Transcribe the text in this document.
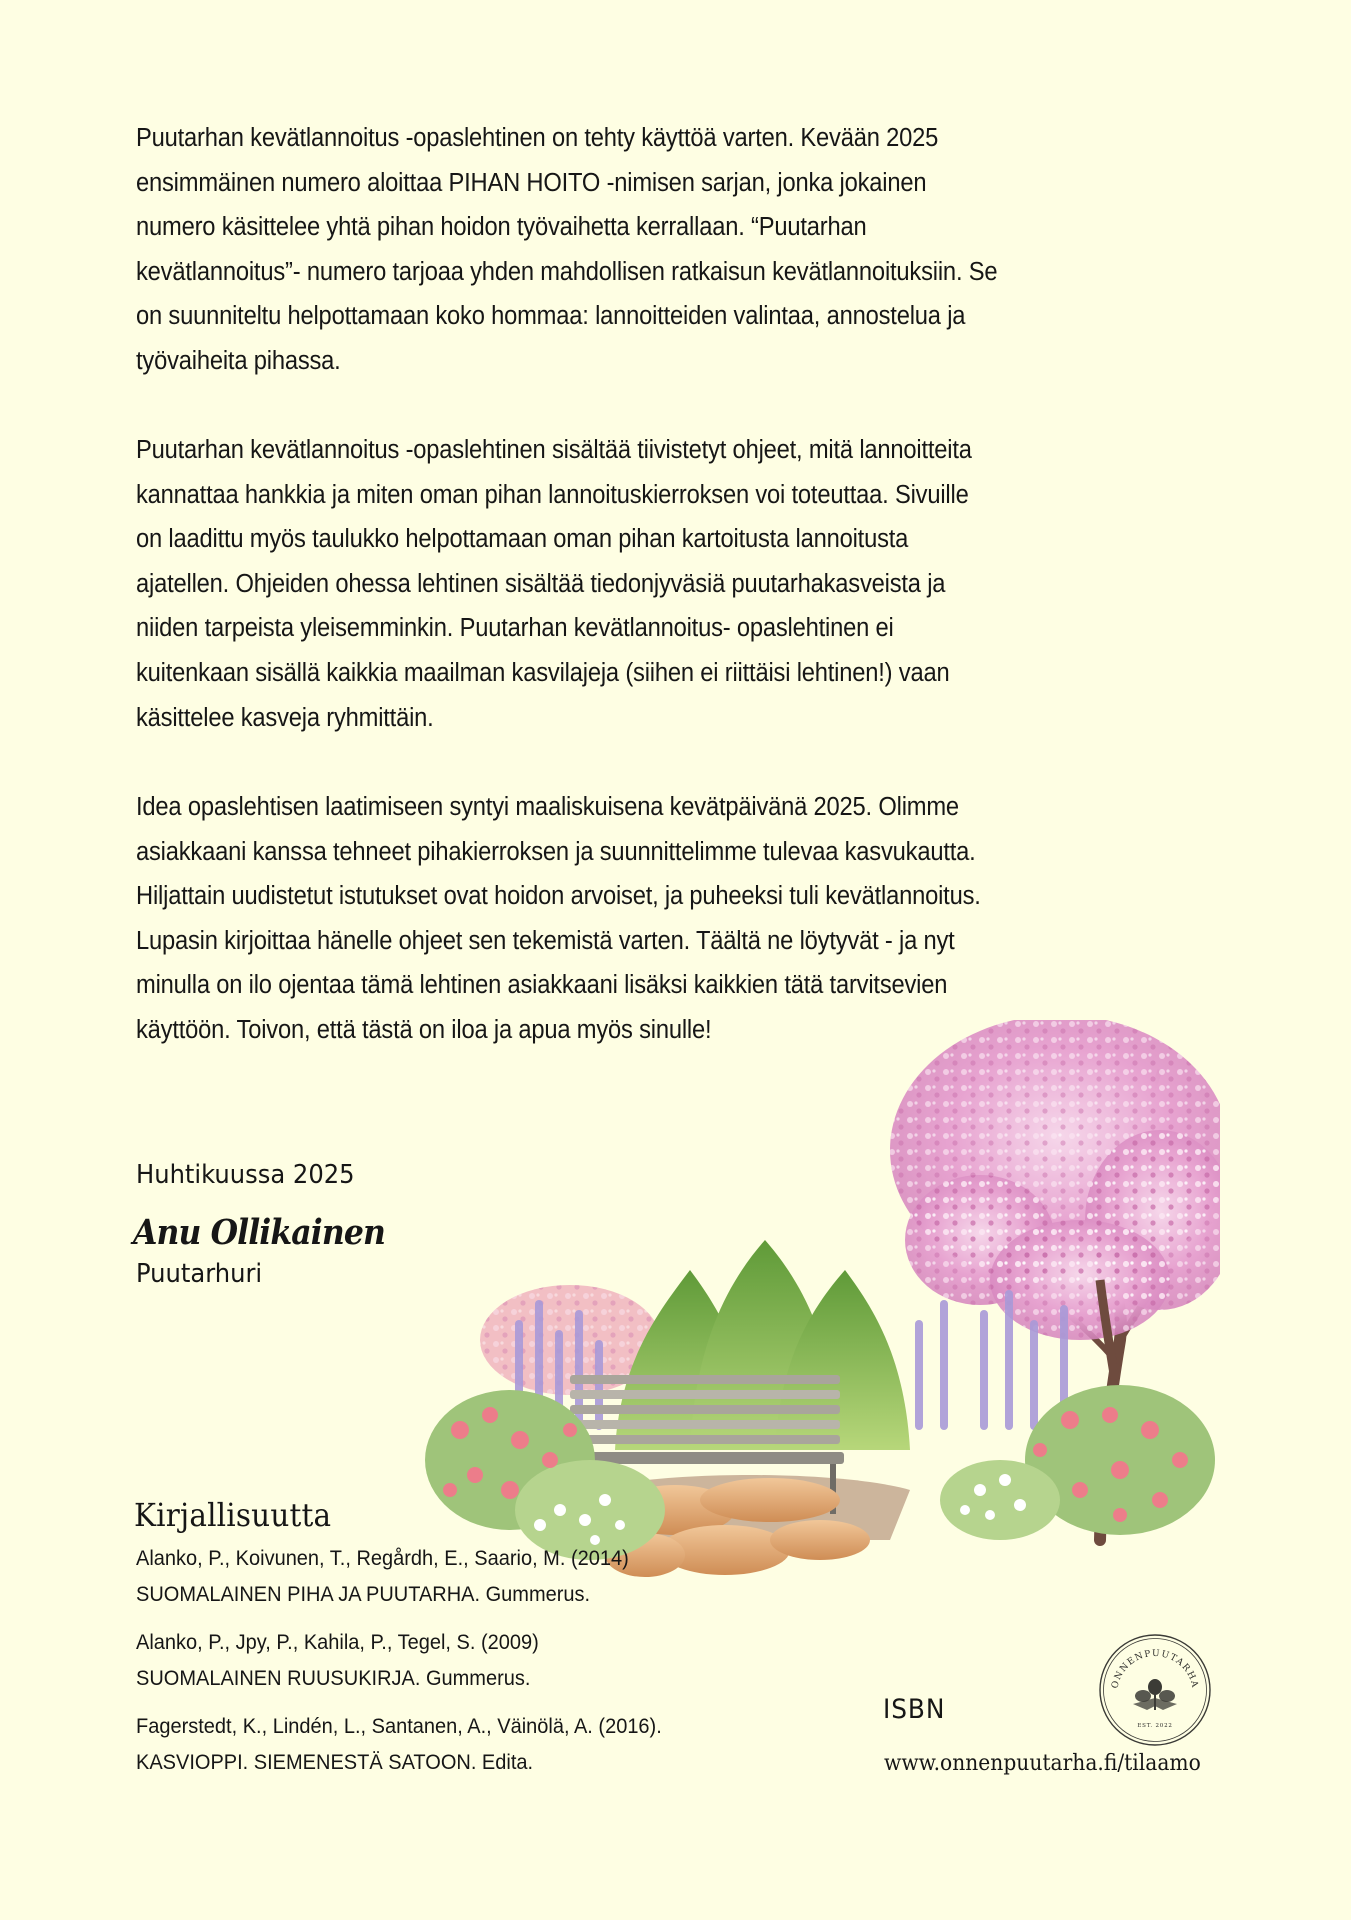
Puutarhan kevätlannoitus -opaslehtinen on tehty käyttöä varten. Kevään 2025
ensimmäinen numero aloittaa PIHAN HOITO -nimisen sarjan, jonka jokainen
numero käsittelee yhtä pihan hoidon työvaihetta kerrallaan. “Puutarhan
kevätlannoitus”- numero tarjoaa yhden mahdollisen ratkaisun kevätlannoituksiin. Se
on suunniteltu helpottamaan koko hommaa: lannoitteiden valintaa, annostelua ja
työvaiheita pihassa.
Puutarhan kevätlannoitus -opaslehtinen sisältää tiivistetyt ohjeet, mitä lannoitteita
kannattaa hankkia ja miten oman pihan lannoituskierroksen voi toteuttaa. Sivuille
on laadittu myös taulukko helpottamaan oman pihan kartoitusta lannoitusta
ajatellen. Ohjeiden ohessa lehtinen sisältää tiedonjyväsiä puutarhakasveista ja
niiden tarpeista yleisemminkin. Puutarhan kevätlannoitus- opaslehtinen ei
kuitenkaan sisällä kaikkia maailman kasvilajeja (siihen ei riittäisi lehtinen!) vaan
käsittelee kasveja ryhmittäin.
Idea opaslehtisen laatimiseen syntyi maaliskuisena kevätpäivänä 2025. Olimme
asiakkaani kanssa tehneet pihakierroksen ja suunnittelimme tulevaa kasvukautta.
Hiljattain uudistetut istutukset ovat hoidon arvoiset, ja puheeksi tuli kevätlannoitus.
Lupasin kirjoittaa hänelle ohjeet sen tekemistä varten. Täältä ne löytyvät - ja nyt
minulla on ilo ojentaa tämä lehtinen asiakkaani lisäksi kaikkien tätä tarvitsevien
käyttöön. Toivon, että tästä on iloa ja apua myös sinulle!
Huhtikuussa 2025
Anu Ollikainen
Puutarhuri
Kirjallisuutta
Alanko, P., Koivunen, T., Regårdh, E., Saario, M. (2014)
SUOMALAINEN PIHA JA PUUTARHA. Gummerus.
Alanko, P., Jpy, P., Kahila, P., Tegel, S. (2009)
SUOMALAINEN RUUSUKIRJA. Gummerus.
Fagerstedt, K., Lindén, L., Santanen, A., Väinölä, A. (2016).
KASVIOPPI. SIEMENESTÄ SATOON. Edita.
ISBN
www.onnenpuutarha.fi/tilaamo
ONNENPUUTARHA
EST. 2022
